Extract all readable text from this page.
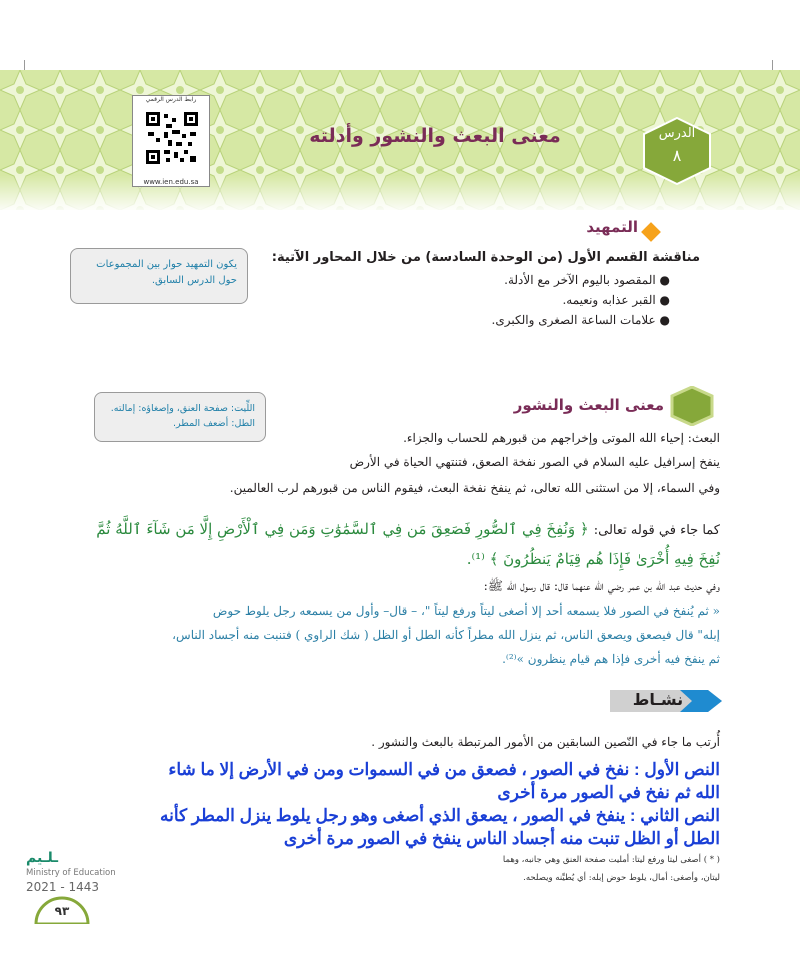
الدرس
٨
معنى البعث والنشور وأدلته
رابط الدرس الرقمي
www.ien.edu.sa
التمهيد
مناقشة القسم الأول (من الوحدة السادسة) من خلال المحاور الآتية:
● المقصود باليوم الآخر مع الأدلة.
● القبر عذابه ونعيمه.
● علامات الساعة الصغرى والكبرى.
يكون التمهيد حوار بين المجموعات حول الدرس السابق.
معنى البعث والنشور
اللِّيت: صفحة العنق، وإصغاؤه: إمالته.
الطل: أضعف المطر.
البعث: إحياء الله الموتى وإخراجهم من قبورهم للحساب والجزاء.
ينفخ إسرافيل عليه السلام في الصور نفخة الصعق، فتنتهي الحياة في الأرض
وفي السماء، إلا من استثنى الله تعالى، ثم ينفخ نفخة البعث، فيقوم الناس من قبورهم لرب العالمين.
كما جاء في قوله تعالى: ﴿ وَنُفِخَ فِي ٱلصُّورِ فَصَعِقَ مَن فِي ٱلسَّمَٰوَٰتِ وَمَن فِي ٱلْأَرْضِ إِلَّا مَن شَآءَ ٱللَّهُ ثُمَّ
نُفِخَ فِيهِ أُخْرَىٰ فَإِذَا هُم قِيَامٌ يَنظُرُونَ ﴾ ⁽¹⁾.
وفي حديث عبد الله بن عمر رضي الله عنهما قال: قال رسول الله ﷺ:
« ثم يُنفخ في الصور فلا يسمعه أحد إلا أصغى ليتاً ورفع ليتاً "، – قال– وأول من يسمعه رجل يلوط حوض
إبله" قال فيصعق ويصعق الناس، ثم ينزل الله مطراً كأنه الطل أو الظل ( شك الراوي ) فتنبت منه أجساد الناس،
ثم ينفخ فيه أخرى فإذا هم قيام ينظرون »⁽²⁾.
نشـاط
أُرتب ما جاء في النّصين السابقين من الأمور المرتبطة بالبعث والنشور .
النص الأول : نفخ في الصور ، فصعق من في السموات ومن في الأرض إلا ما شاء
الله ثم نفخ في الصور مرة أخرى
النص الثاني : ينفخ في الصور ، يصعق الذي أصغى وهو رجل يلوط ينزل المطر كأنه
الطل أو الظل تنبت منه أجساد الناس ينفخ في الصور مرة أخرى
( * ) أصغى ليتا ورفع ليتا: أمليت صفحة العنق وهي جانبه، وهما
ليتان، وأصغى: أمال، يلوط حوض إبله: أي يُطيِّنه ويصلحه.
ـلـيم
Ministry of Education
2021 - 1443
٩٣
